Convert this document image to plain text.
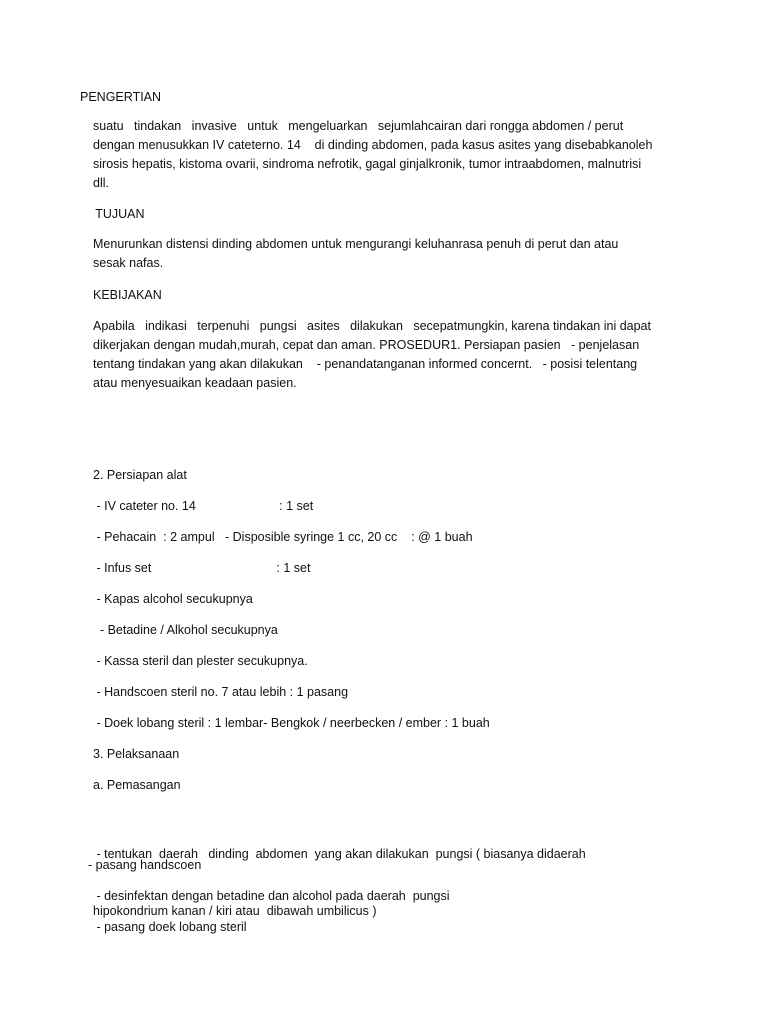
PENGERTIAN
suatu   tindakan   invasive   untuk   mengeluarkan   sejumlahcairan dari rongga abdomen / perut
dengan menusukkan IV cateterno. 14    di dinding abdomen, pada kasus asites yang disebabkanoleh
sirosis hepatis, kistoma ovarii, sindroma nefrotik, gagal ginjalkronik, tumor intraabdomen, malnutrisi
dll.
TUJUAN
Menurunkan distensi dinding abdomen untuk mengurangi keluhanrasa penuh di perut dan atau
sesak nafas.
KEBIJAKAN
Apabila   indikasi   terpenuhi   pungsi   asites   dilakukan   secepatmungkin, karena tindakan ini dapat
dikerjakan dengan mudah,murah, cepat dan aman. PROSEDUR1. Persiapan pasien   - penjelasan
tentang tindakan yang akan dilakukan    - penandatanganan informed concernt.   - posisi telentang
atau menyesuaikan keadaan pasien.
2. Persiapan alat
- IV cateter no. 14                        : 1 set
- Pehacain  : 2 ampul   - Disposible syringe 1 cc, 20 cc    : @ 1 buah
- Infus set                                    : 1 set
- Kapas alcohol secukupnya
- Betadine / Alkohol secukupnya
- Kassa steril dan plester secukupnya.
- Handscoen steril no. 7 atau lebih : 1 pasang
- Doek lobang steril : 1 lembar- Bengkok / neerbecken / ember : 1 buah
3. Pelaksanaan
a. Pemasangan

- tentukan  daerah   dinding  abdomen  yang akan dilakukan  pungsi ( biasanya didaerah

hipokondrium kanan / kiri atau  dibawah umbilicus )

- pasang handscoen
- desinfektan dengan betadine dan alcohol pada daerah  pungsi
- pasang doek lobang steril
